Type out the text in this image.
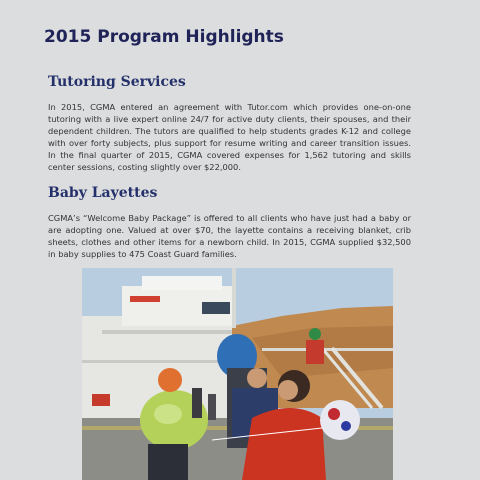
2015 Program Highlights
Tutoring Services

In 2015, CGMA entered an agreement with Tutor.com which provides one-on-one tutoring with a live expert online 24/7 for active duty clients, their spouses, and their dependent children. The tutors are qualified to help students grades K-12 and college with over forty subjects, plus support for resume writing and career transition issues. In the final quarter of 2015, CGMA covered expenses for 1,562 tutoring and skills center sessions, costing slightly over $22,000.

Baby Layettes

CGMA’s “Welcome Baby Package” is offered to all clients who have just had a baby or are adopting one. Valued at over $70, the layette contains a receiving blanket, crib sheets, clothes and other items for a newborn child. In 2015, CGMA supplied $32,500 in baby supplies to 475 Coast Guard families.
